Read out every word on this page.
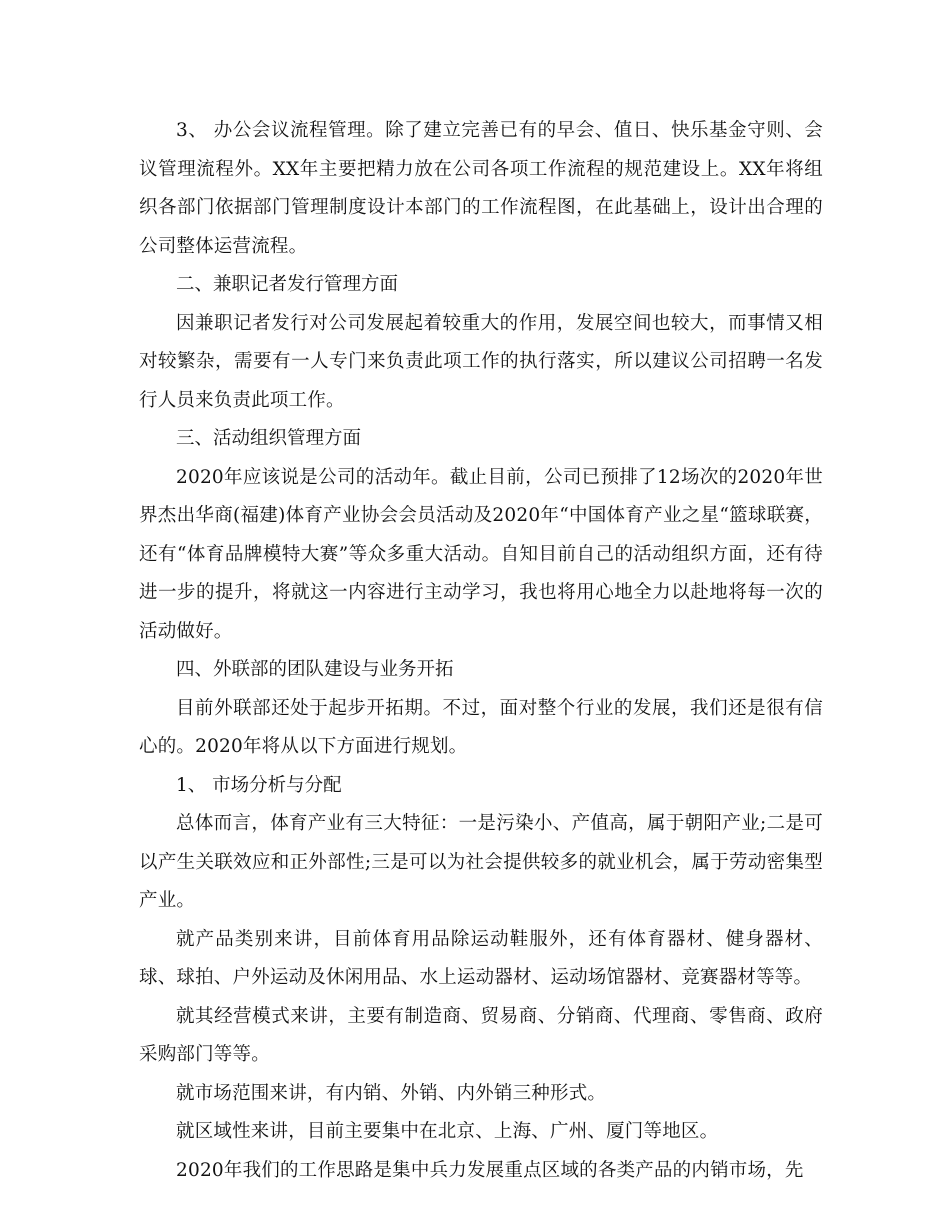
3、 办公会议流程管理。除了建立完善已有的早会、值日、快乐基金守则、会议管理流程外。XX年主要把精力放在公司各项工作流程的规范建设上。XX年将组织各部门依据部门管理制度设计本部门的工作流程图，在此基础上，设计出合理的公司整体运营流程。

二、兼职记者发行管理方面

因兼职记者发行对公司发展起着较重大的作用，发展空间也较大，而事情又相对较繁杂，需要有一人专门来负责此项工作的执行落实，所以建议公司招聘一名发行人员来负责此项工作。

三、活动组织管理方面

2020年应该说是公司的活动年。截止目前，公司已预排了12场次的2020年世界杰出华商(福建)体育产业协会会员活动及2020年“中国体育产业之星“篮球联赛，还有“体育品牌模特大赛”等众多重大活动。自知目前自己的活动组织方面，还有待进一步的提升，将就这一内容进行主动学习，我也将用心地全力以赴地将每一次的活动做好。

四、外联部的团队建设与业务开拓

目前外联部还处于起步开拓期。不过，面对整个行业的发展，我们还是很有信心的。2020年将从以下方面进行规划。

1、 市场分析与分配

总体而言，体育产业有三大特征：一是污染小、产值高，属于朝阳产业;二是可以产生关联效应和正外部性;三是可以为社会提供较多的就业机会，属于劳动密集型产业。

就产品类别来讲，目前体育用品除运动鞋服外，还有体育器材、健身器材、球、球拍、户外运动及休闲用品、水上运动器材、运动场馆器材、竞赛器材等等。

就其经营模式来讲，主要有制造商、贸易商、分销商、代理商、零售商、政府采购部门等等。

就市场范围来讲，有内销、外销、内外销三种形式。

就区域性来讲，目前主要集中在北京、上海、广州、厦门等地区。

2020年我们的工作思路是集中兵力发展重点区域的各类产品的内销市场，先
